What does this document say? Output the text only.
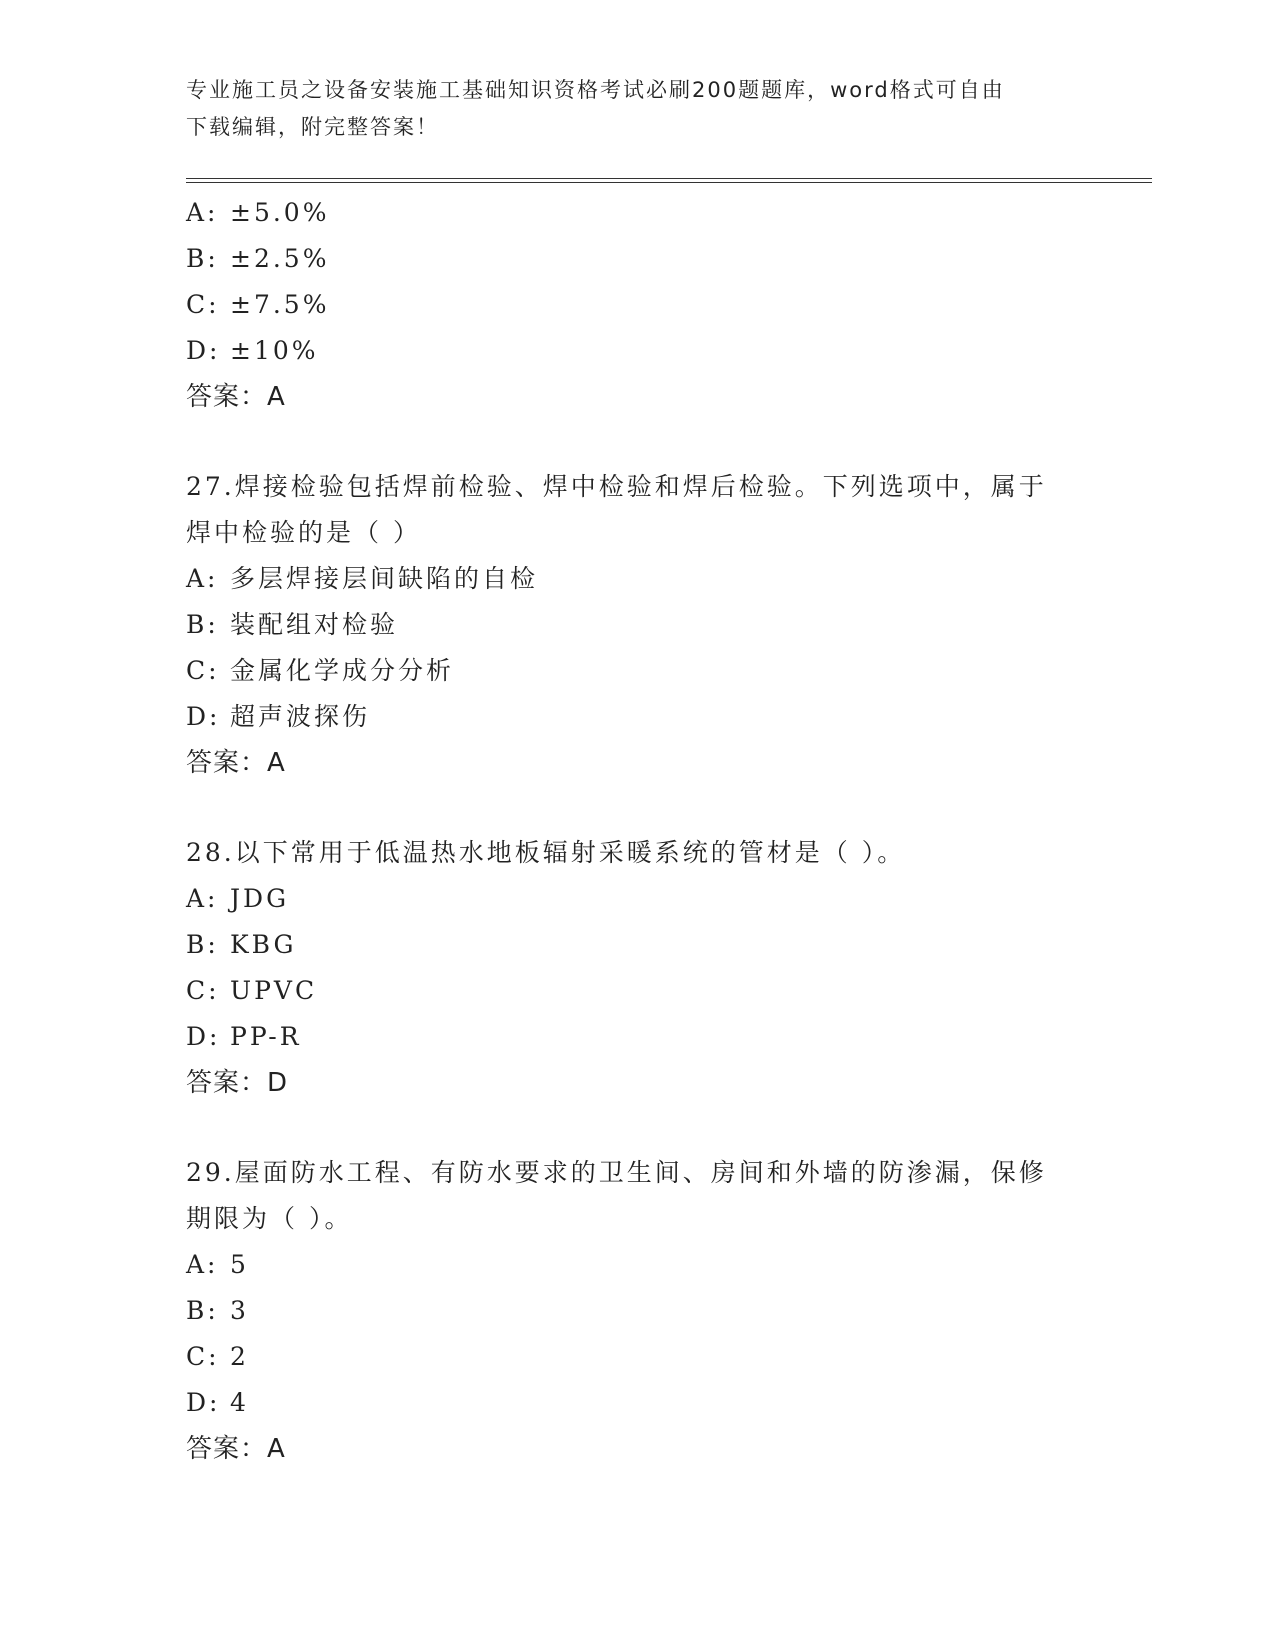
专业施工员之设备安装施工基础知识资格考试必刷200题题库，word格式可自由
下载编辑，附完整答案！
A: ±5.0%
B: ±2.5%
C: ±7.5%
D: ±10%
答案：A
27.焊接检验包括焊前检验、焊中检验和焊后检验。下列选项中，属于
焊中检验的是（ ）
A: 多层焊接层间缺陷的自检
B: 装配组对检验
C: 金属化学成分分析
D: 超声波探伤
答案：A
28.以下常用于低温热水地板辐射采暖系统的管材是（ ）。
A: JDG
B: KBG
C: UPVC
D: PP-R
答案：D
29.屋面防水工程、有防水要求的卫生间、房间和外墙的防渗漏，保修
期限为（ ）。
A: 5
B: 3
C: 2
D: 4
答案：A
